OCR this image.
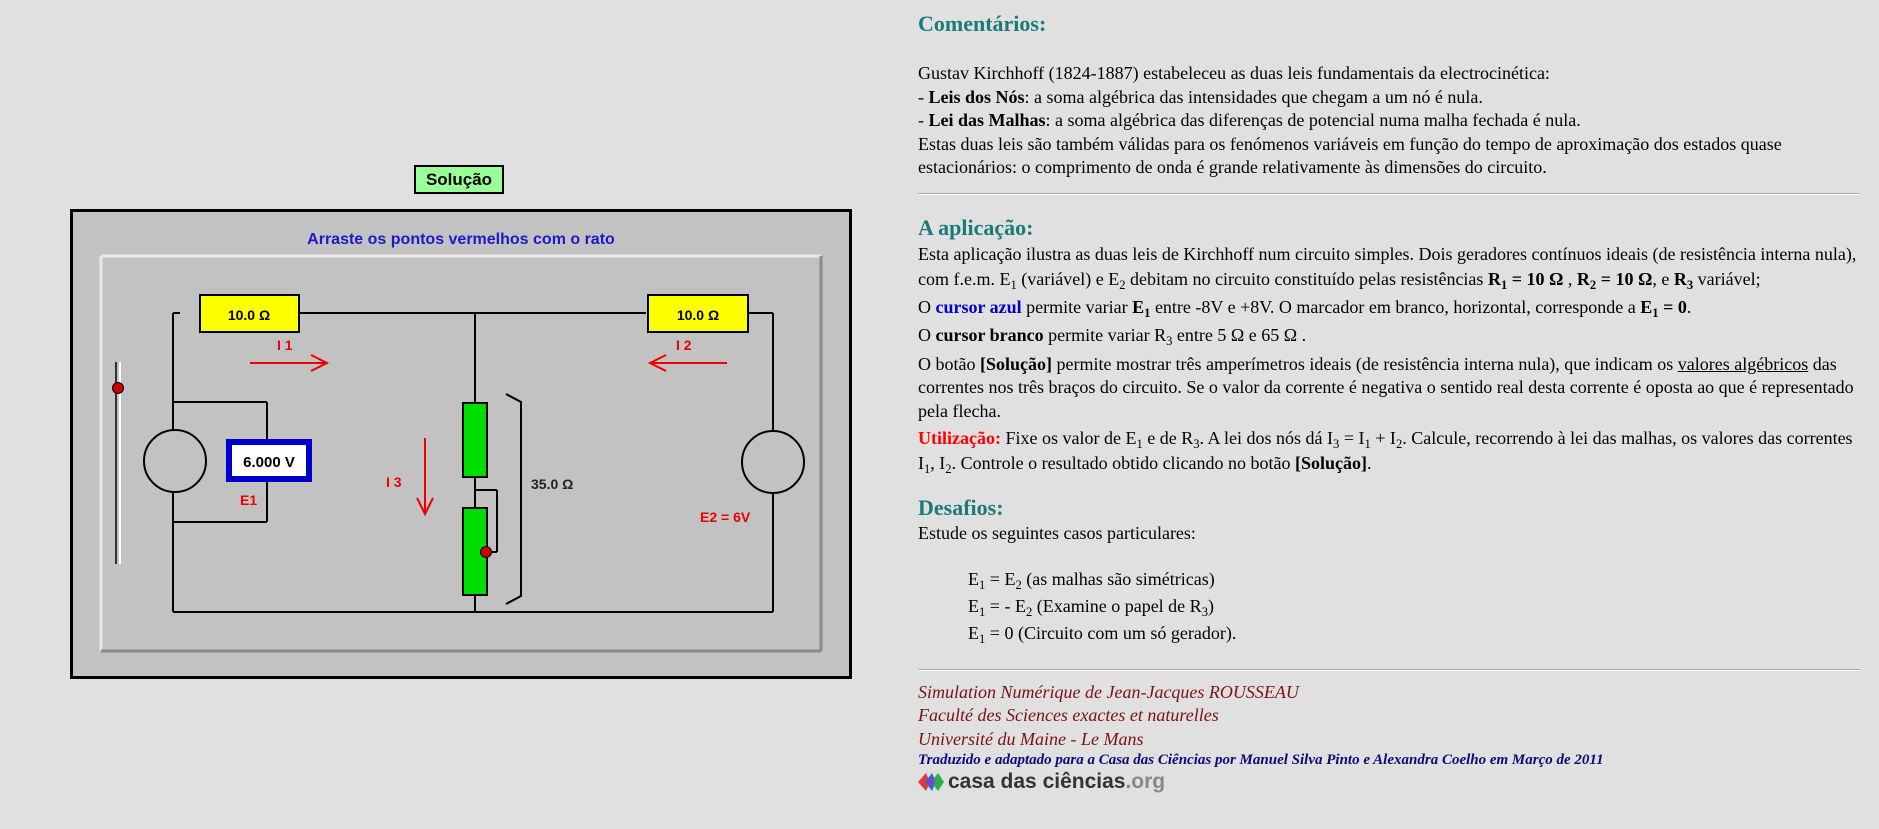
Solução
Arraste os pontos vermelhos com o rato
10.0 Ω	10.0 Ω
35.0 Ω
6.000 V
E1
E2 = 6V
I 1	I 2
I 3
Comentários:

Gustav Kirchhoff (1824-1887) estabeleceu as duas leis fundamentais da electrocinética:

- Leis dos Nós: a soma algébrica das intensidades que chegam a um nó é nula.

- Lei das Malhas: a soma algébrica das diferenças de potencial numa malha fechada é nula.

Estas duas leis são também válidas para os fenómenos variáveis em função do tempo de aproximação dos estados quase estacionários: o comprimento de onda é grande relativamente às dimensões do circuito.

A aplicação:

Esta aplicação ilustra as duas leis de Kirchhoff num circuito simples. Dois geradores contínuos ideais (de resistência interna nula), com f.e.m. $E_1$ (variável) e $E_2$ debitam no circuito constituído pelas resistências $R_1 = 10$ Ω , $R_2 = 10$ Ω, e $R_3$ variável;

O cursor azul permite variar $E_1$ entre -8V e +8V. O marcador em branco, horizontal, corresponde a $E_1 = 0$.

O cursor branco permite variar $R_3$ entre 5 Ω e 65 Ω .

O botão [Solução] permite mostrar três amperímetros ideais (de resistência interna nula), que indicam os valores algébricos das correntes nos três braços do circuito. Se o valor da corrente é negativa o sentido real desta corrente é oposta ao que é representado pela flecha.

Utilização: Fixe os valor de $E_1$ e de $R_3$. A lei dos nós dá $I_3 = I_1 + I_2$. Calcule, recorrendo à lei das malhas, os valores das correntes $I_1$, $I_2$. Controle o resultado obtido clicando no botão [Solução].

Desafios:

Estude os seguintes casos particulares:

$E_1 = E_2$ (as malhas são simétricas)

$E_1$ = - $E_2$ (Examine o papel de $R_3$)

$E_1 = 0$ (Circuito com um só gerador).

Simulation Numérique de Jean-Jacques ROUSSEAU

Faculté des Sciences exactes et naturelles

Université du Maine - Le Mans

Traduzido e adaptado para a Casa das Ciências por Manuel Silva Pinto e Alexandra Coelho em Março de 2011

casa das ciências .org
